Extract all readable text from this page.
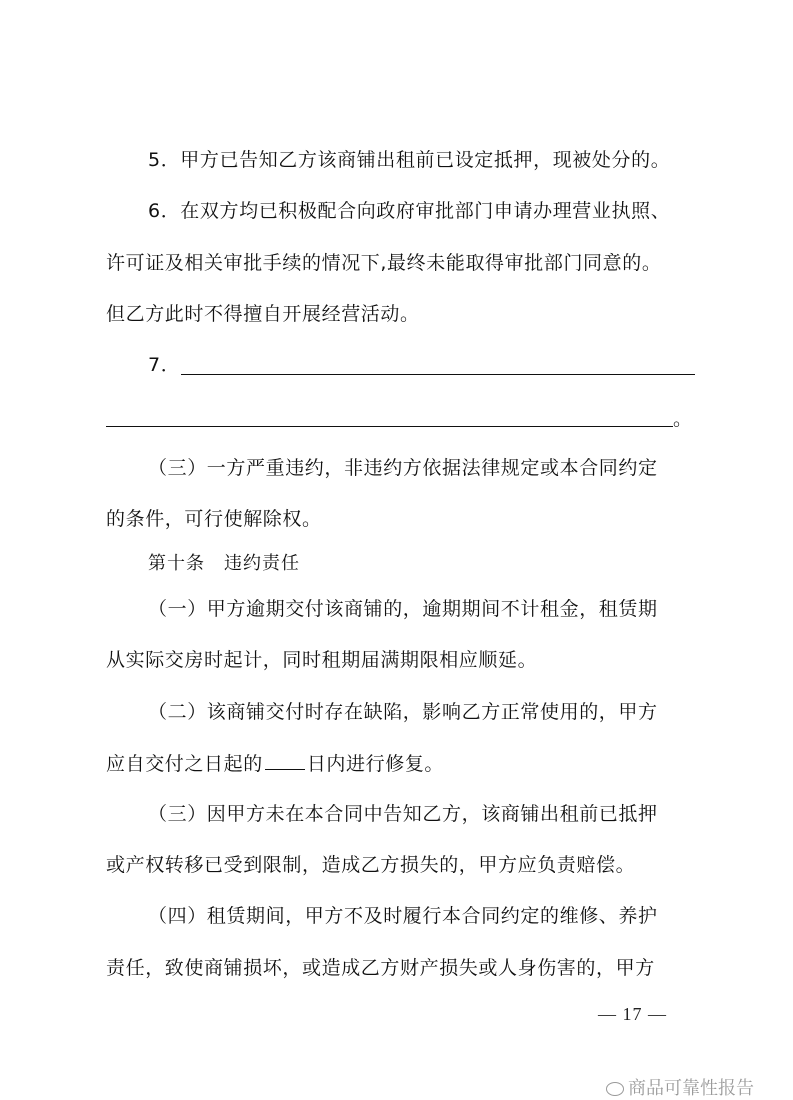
5．甲方已告知乙方该商铺出租前已设定抵押，现被处分的。
6．在双方均已积极配合向政府审批部门申请办理营业执照、
许可证及相关审批手续的情况下,最终未能取得审批部门同意的。
但乙方此时不得擅自开展经营活动。
7．
。
（三）一方严重违约，非违约方依据法律规定或本合同约定
的条件，可行使解除权。
第十条　违约责任
（一）甲方逾期交付该商铺的，逾期期间不计租金，租赁期
从实际交房时起计，同时租期届满期限相应顺延。
（二）该商铺交付时存在缺陷，影响乙方正常使用的，甲方
应自交付之日起的 日内进行修复。
（三）因甲方未在本合同中告知乙方，该商铺出租前已抵押
或产权转移已受到限制，造成乙方损失的，甲方应负责赔偿。
（四）租赁期间，甲方不及时履行本合同约定的维修、养护
责任，致使商铺损坏，或造成乙方财产损失或人身伤害的，甲方
— 17 —
商品可靠性报告
